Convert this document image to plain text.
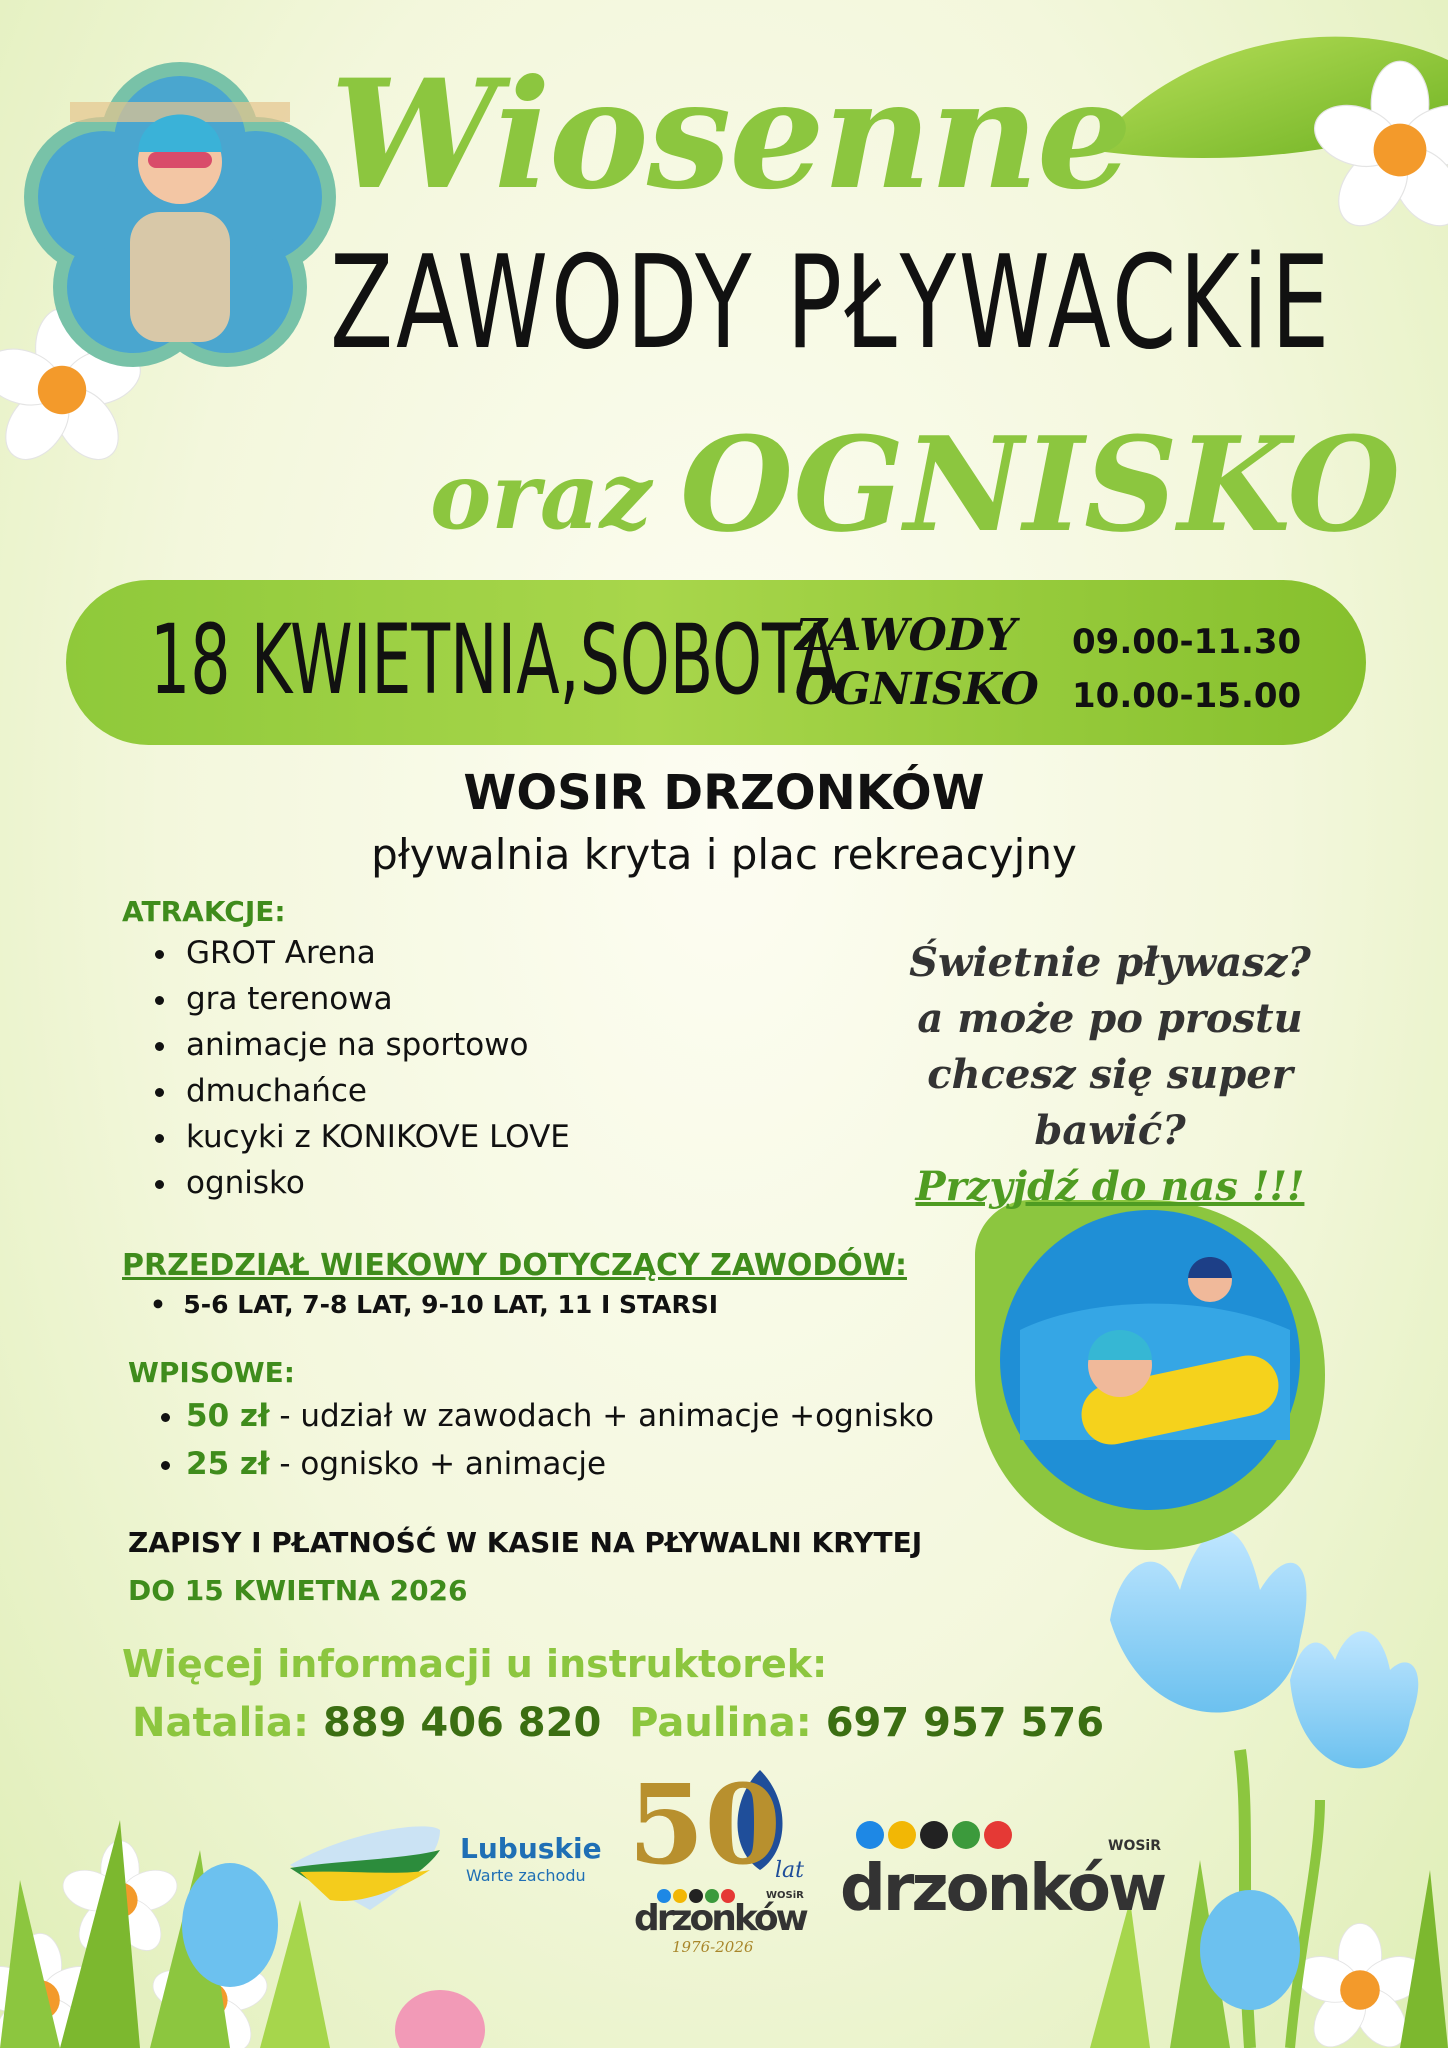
Wiosenne
ZAWODY PŁYWACKiE
oraz OGNISKO
18 KWIETNIA,SOBOTA
ZAWODY
OGNISKO
09.00-11.30
10.00-15.00
WOSIR DRZONKÓW
pływalnia kryta i plac rekreacyjny
ATRAKCJE:
• GROT Arena
• gra terenowa
• animacje na sportowo
• dmuchańce
• kucyki z KONIKOVE LOVE
• ognisko
Świetnie pływasz?
a może po prostu
chcesz się super bawić?
Przyjdź do nas !!!
PRZEDZIAŁ WIEKOWY DOTYCZĄCY ZAWODÓW:
•  5-6 LAT, 7-8 LAT, 9-10 LAT, 11 I STARSI
WPISOWE:
• 50 zł - udział w zawodach + animacje +ognisko
• 25 zł - ognisko + animacje
ZAPISY I PŁATNOŚĆ W KASIE NA PŁYWALNI KRYTEJ
DO 15 KWIETNA 2026
Więcej informacji u instruktorek:
Natalia: 889 406 820 Paulina: 697 957 576
Lubuskie
Warte zachodu 50
lat
drzonków
WOSiR
1976-2026
drzonków
WOSiR
